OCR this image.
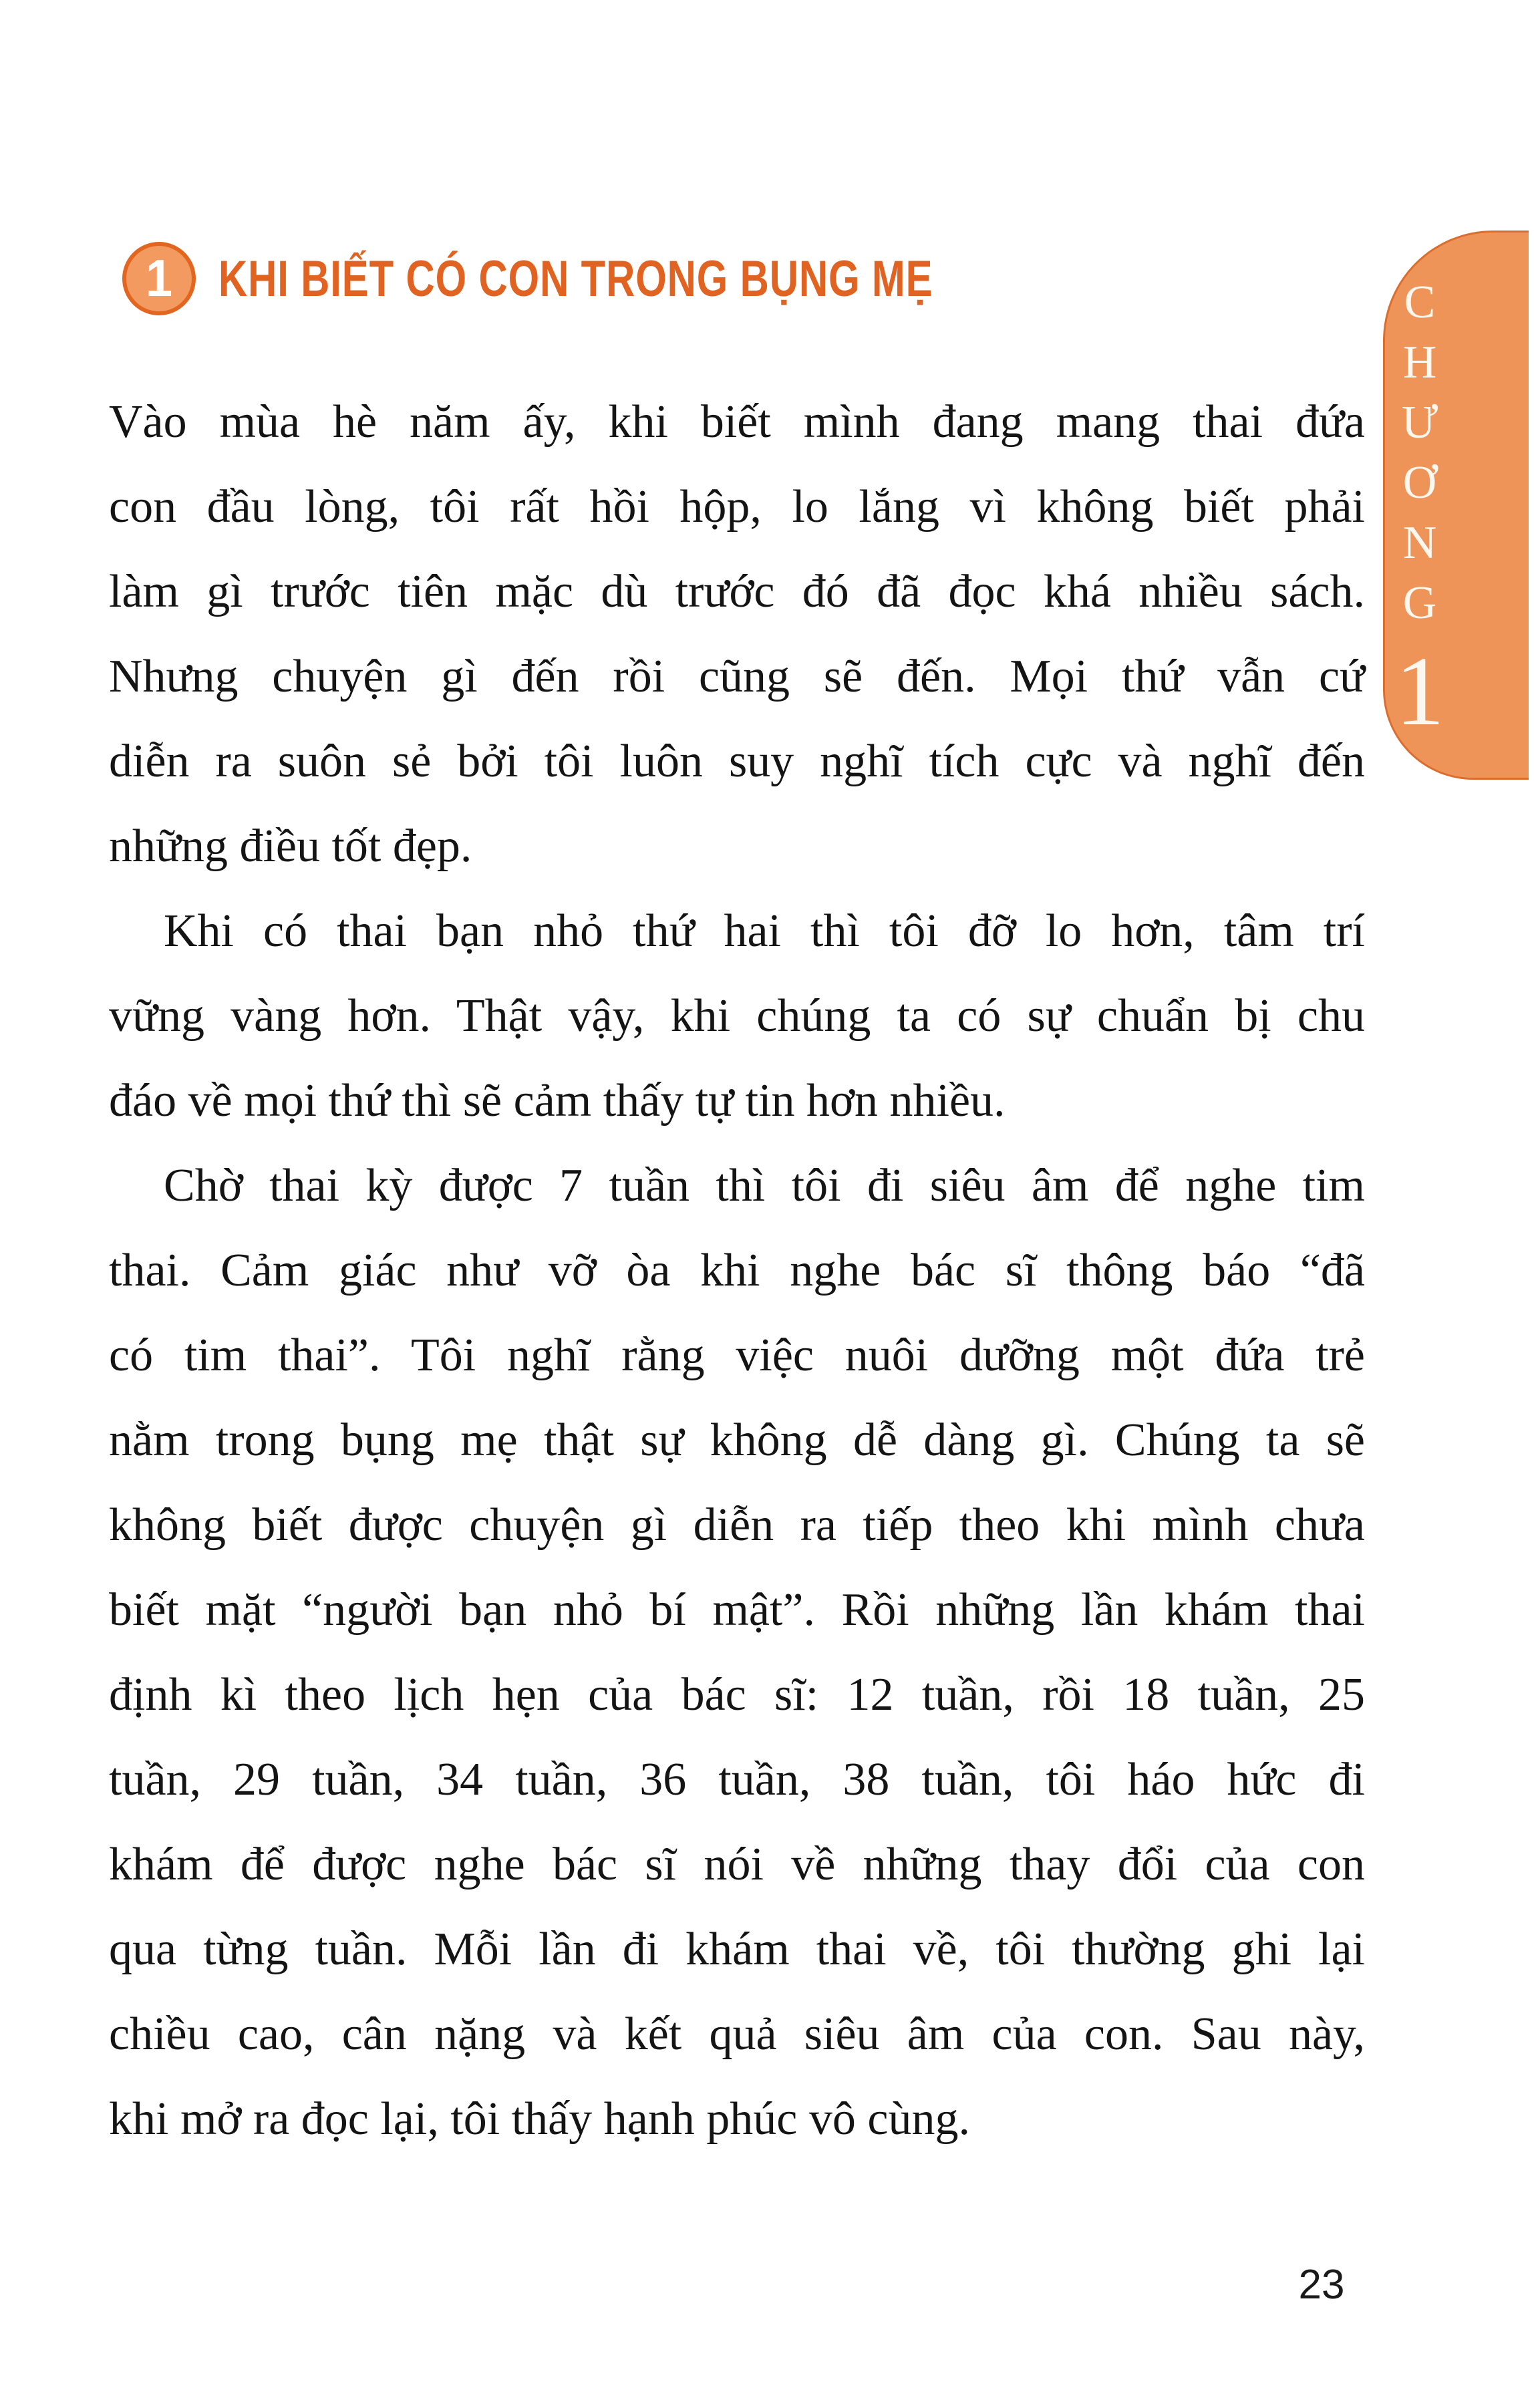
C
H
Ư
Ơ
N
G
1
1 KHI BIẾT CÓ CON TRONG BỤNG MẸ
Vào mùa hè năm ấy, khi biết mình đang mang thai đứa
con đầu lòng, tôi rất hồi hộp, lo lắng vì không biết phải
làm gì trước tiên mặc dù trước đó đã đọc khá nhiều sách.
Nhưng chuyện gì đến rồi cũng sẽ đến. Mọi thứ vẫn cứ
diễn ra suôn sẻ bởi tôi luôn suy nghĩ tích cực và nghĩ đến
những điều tốt đẹp.
Khi có thai bạn nhỏ thứ hai thì tôi đỡ lo hơn, tâm trí
vững vàng hơn. Thật vậy, khi chúng ta có sự chuẩn bị chu
đáo về mọi thứ thì sẽ cảm thấy tự tin hơn nhiều.
Chờ thai kỳ được 7 tuần thì tôi đi siêu âm để nghe tim
thai. Cảm giác như vỡ òa khi nghe bác sĩ thông báo “đã
có tim thai”. Tôi nghĩ rằng việc nuôi dưỡng một đứa trẻ
nằm trong bụng mẹ thật sự không dễ dàng gì. Chúng ta sẽ
không biết được chuyện gì diễn ra tiếp theo khi mình chưa
biết mặt “người bạn nhỏ bí mật”. Rồi những lần khám thai
định kì theo lịch hẹn của bác sĩ: 12 tuần, rồi 18 tuần, 25
tuần, 29 tuần, 34 tuần, 36 tuần, 38 tuần, tôi háo hức đi
khám để được nghe bác sĩ nói về những thay đổi của con
qua từng tuần. Mỗi lần đi khám thai về, tôi thường ghi lại
chiều cao, cân nặng và kết quả siêu âm của con. Sau này,
khi mở ra đọc lại, tôi thấy hạnh phúc vô cùng.
23
